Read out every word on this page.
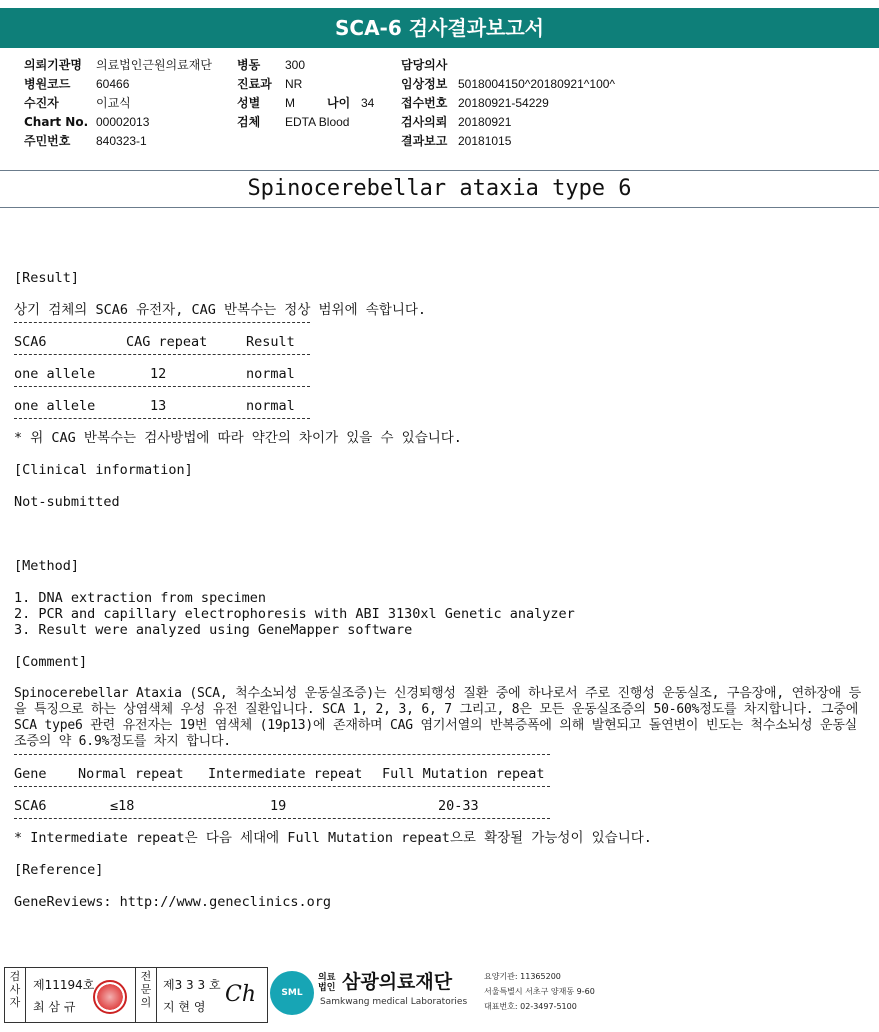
SCA-6 검사결과보고서
의뢰기관명 의료법인근원의료재단
병원코드 60466
수진자	이교식
Chart No. 00002013
주민번호 840323-1
병동 300
진료과 NR
성별 M	나이 34
검체 EDTA Blood
담당의사
임상정보 5018004150^20180921^100^
접수번호 20180921-54229
검사의뢰 20180921
결과보고 20181015
Spinocerebellar ataxia type 6
[Result]
상기 검체의 SCA6 유전자, CAG 반복수는 정상 범위에 속합니다.
SCA6	CAG repeat	Result
one allele	12	normal
one allele	13	normal
* 위 CAG 반복수는 검사방법에 따라 약간의 차이가 있을 수 있습니다.
[Clinical information]
Not-submitted
[Method]
1. DNA extraction from specimen
2. PCR and capillary electrophoresis with ABI 3130xl Genetic analyzer
3. Result were analyzed using GeneMapper software
[Comment]
Spinocerebellar Ataxia (SCA, 척수소뇌성 운동실조증)는 신경퇴행성 질환 중에 하나로서 주로 진행성 운동실조, 구음장애, 연하장애 등을 특징으로 하는 상염색체 우성 유전 질환입니다. SCA 1, 2, 3, 6, 7 그리고, 8은 모든 운동실조증의 50-60%정도를 차지합니다. 그중에 SCA type6 관련 유전자는 19번 염색체 (19p13)에 존재하며 CAG 염기서열의 반복증폭에 의해 발현되고 돌연변이 빈도는 척수소뇌성 운동실조증의 약 6.9%정도를 차지 합니다.
Gene Normal repeat Intermediate repeat Full Mutation repeat
SCA6	≤18	19	20-33
* Intermediate repeat은 다음 세대에 Full Mutation repeat으로 확장될 가능성이 있습니다.
[Reference]
GeneReviews: http://www.geneclinics.org
검사자
제11194호
최 삼 규
전문의
제3 3 3 호
지 현 영 Ch	SML
의료
법인 삼광의료재단
Samkwang medical Laboratories
요양기관: 11365200
서울특별시 서초구 양재동 9-60
대표번호: 02-3497-5100
